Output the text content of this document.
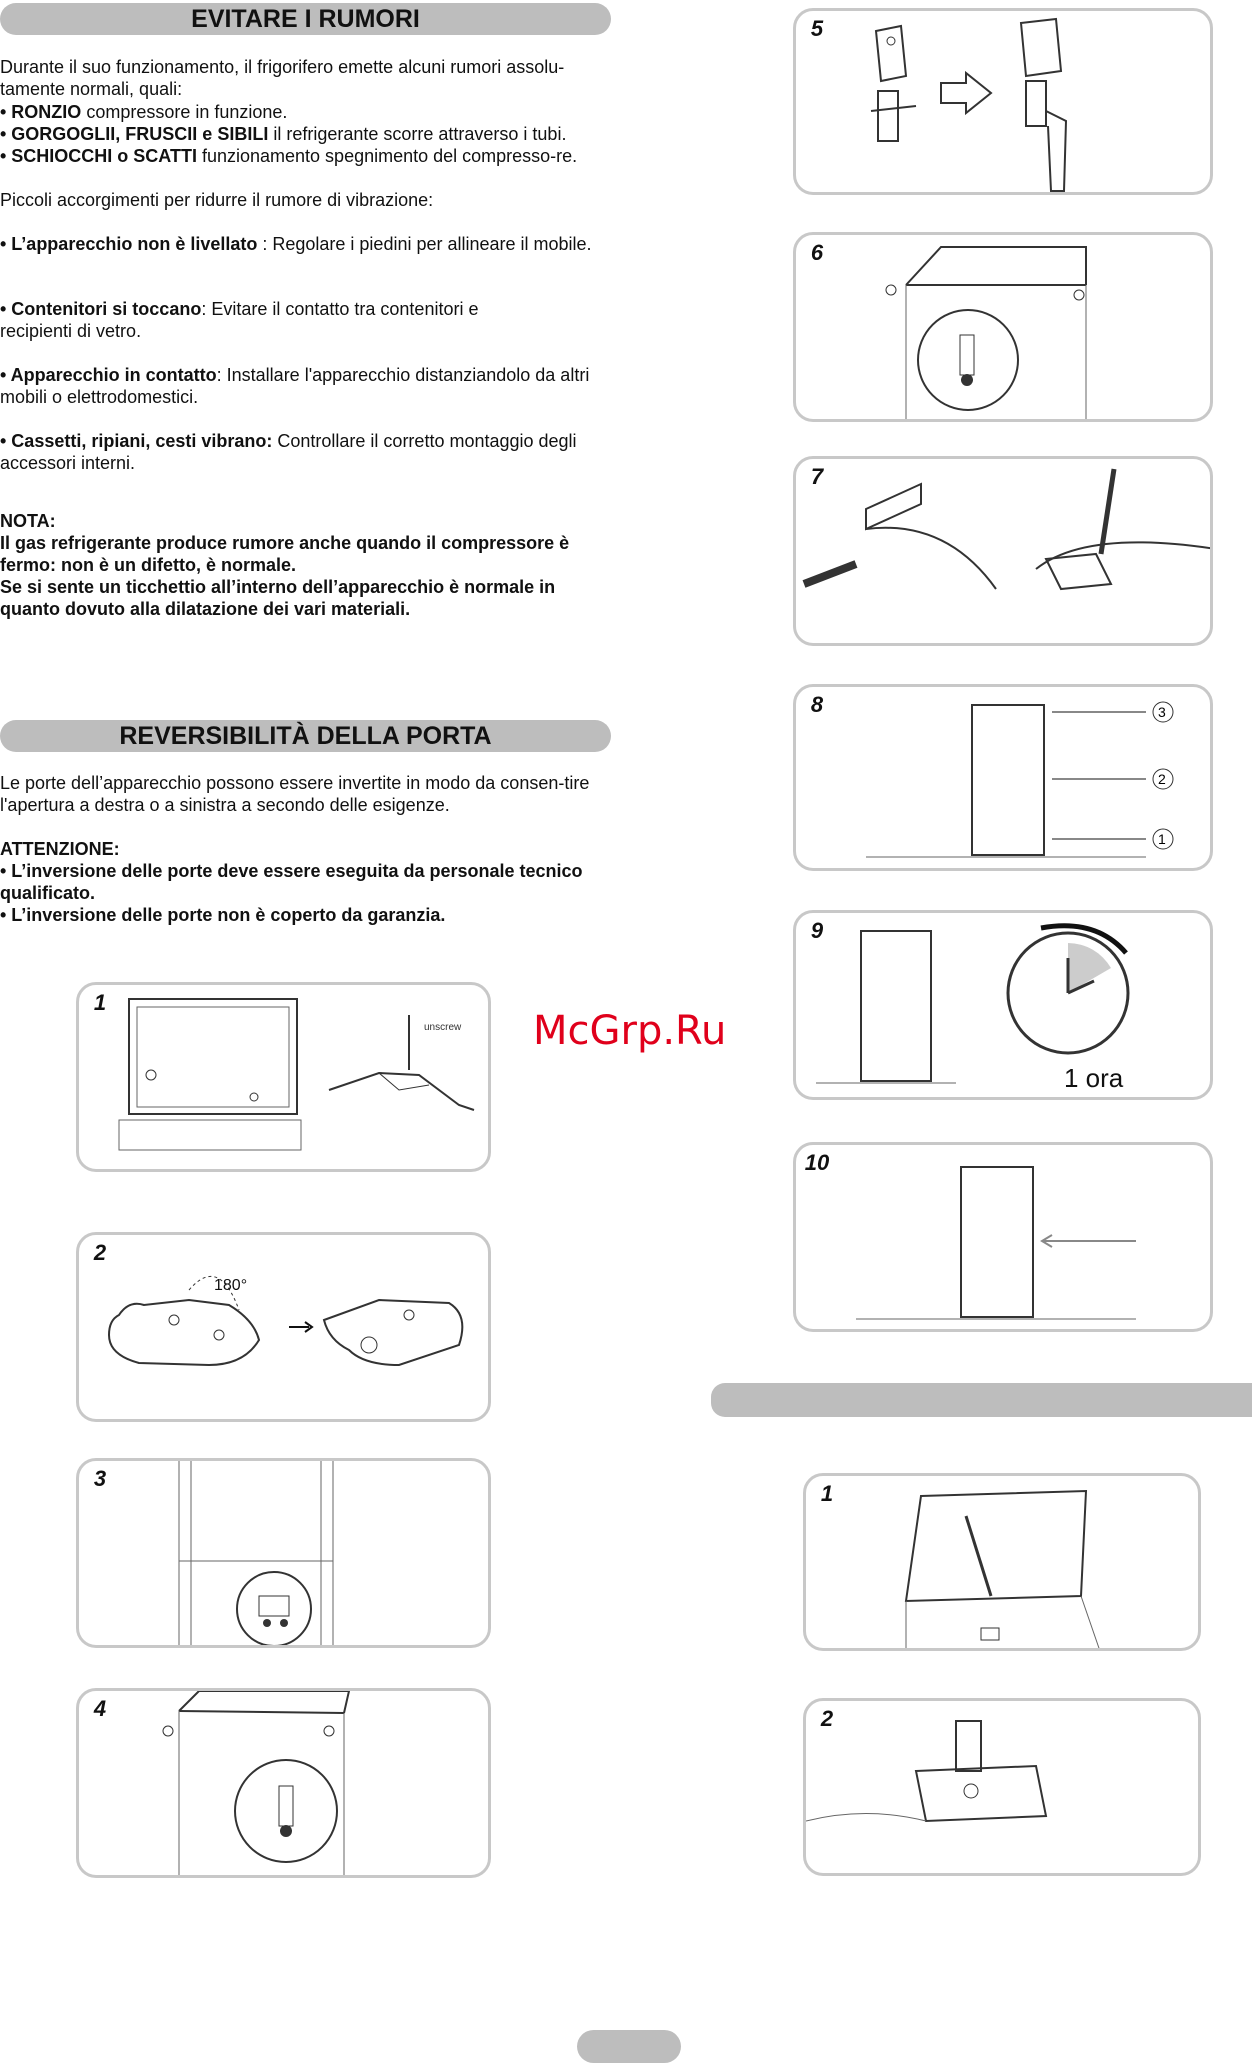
EVITARE I RUMORI

Durante il suo funzionamento, il frigorifero emette alcuni rumori assolu-tamente normali, quali:

• RONZIO compressore in funzione.

• GORGOGLII, FRUSCII e SIBILI il refrigerante scorre attraverso i tubi.

• SCHIOCCHI o SCATTI funzionamento spegnimento del compresso-re.

Piccoli accorgimenti per ridurre il rumore di vibrazione:

• L’apparecchio non è livellato : Regolare i piedini per allineare il mobile.

• Contenitori si toccano: Evitare il contatto tra contenitori e recipienti di vetro.

• Apparecchio in contatto: Installare l'apparecchio distanziandolo da altri mobili o elettrodomestici.

• Cassetti, ripiani, cesti vibrano: Controllare il corretto montaggio degli accessori interni.

NOTA:

Il gas refrigerante produce rumore anche quando il compressore è fermo: non è un difetto, è normale.

Se si sente un ticchettio all’interno dell’apparecchio è normale in quanto dovuto alla dilatazione dei vari materiali.

REVERSIBILITÀ DELLA PORTA

Le porte dell’apparecchio possono essere invertite in modo da consen-tire l'apertura a destra o a sinistra a secondo delle esigenze.

ATTENZIONE:

• L’inversione delle porte deve essere eseguita da personale tecnico qualificato.

• L’inversione delle porte non è coperto da garanzia.

1
unscrew
2
180°
3
4
5
6
7
8	3
2
1
9
1 ora
10
1
2
McGrp.Ru
